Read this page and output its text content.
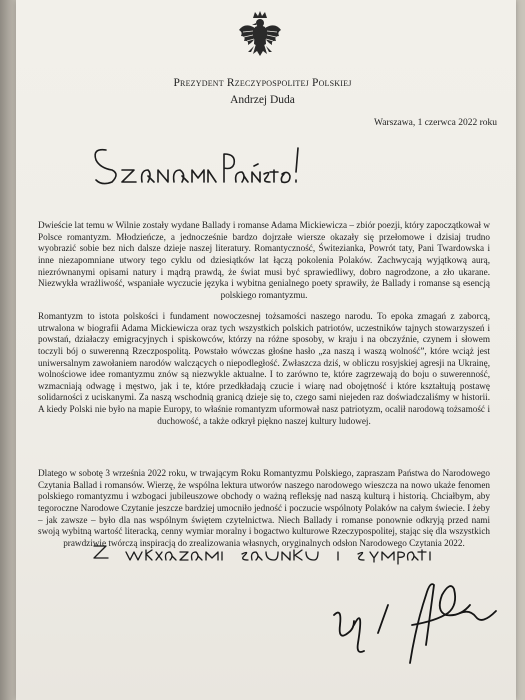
Prezydent Rzeczypospolitej Polskiej
Andrzej Duda
Warszawa, 1 czerwca 2022 roku

Dwieście lat temu w Wilnie zostały wydane Ballady i romanse Adama Mickiewicza – zbiór poezji, który zapoczątkował w Polsce romantyzm. Młodzieńcze, a jednocześnie bardzo dojrzałe wiersze okazały się przełomowe i dzisiaj trudno wyobrazić sobie bez nich dalsze dzieje naszej literatury. Romantyczność, Świtezianka, Powrót taty, Pani Twardowska i inne niezapomniane utwory tego cyklu od dziesiątków lat łączą pokolenia Polaków. Zachwycają wyjątkową aurą, niezrównanymi opisami natury i mądrą prawdą, że świat musi być sprawiedliwy, dobro nagrodzone, a zło ukarane. Niezwykła wrażliwość, wspaniałe wyczucie języka i wybitna genialnego poety sprawiły, że Ballady i romanse są esencją polskiego romantyzmu.

Romantyzm to istota polskości i fundament nowoczesnej tożsamości naszego narodu. To epoka zmagań z zaborcą, utrwalona w biografii Adama Mickiewicza oraz tych wszystkich polskich patriotów, uczestników tajnych stowarzyszeń i powstań, działaczy emigracyjnych i spiskowców, którzy na różne sposoby, w kraju i na obczyźnie, czynem i słowem toczyli bój o suwerenną Rzeczpospolitą. Powstało wówczas głośne hasło „za naszą i waszą wolność”, które wciąż jest uniwersalnym zawołaniem narodów walczących o niepodległość. Zwłaszcza dziś, w obliczu rosyjskiej agresji na Ukrainę, wolnościowe idee romantyzmu znów są niezwykle aktualne. I to zarówno te, które zagrzewają do boju o suwerenność, wzmacniają odwagę i męstwo, jak i te, które przedkładają czucie i wiarę nad obojętność i które kształtują postawę solidarności z uciskanymi. Za naszą wschodnią granicą dzieje się to, czego sami niejeden raz doświadczaliśmy w historii. A kiedy Polski nie było na mapie Europy, to właśnie romantyzm uformował nasz patriotyzm, ocalił narodową tożsamość i duchowość, a także odkrył piękno naszej kultury ludowej.

Dlatego w sobotę 3 września 2022 roku, w trwającym Roku Romantyzmu Polskiego, zapraszam Państwa do Narodowego Czytania Ballad i romansów. Wierzę, że wspólna lektura utworów naszego narodowego wieszcza na nowo ukaże fenomen polskiego romantyzmu i wzbogaci jubileuszowe obchody o ważną refleksję nad naszą kulturą i historią. Chciałbym, aby tegoroczne Narodowe Czytanie jeszcze bardziej umocniło jedność i poczucie wspólnoty Polaków na całym świecie. I żeby – jak zawsze – było dla nas wspólnym świętem czytelnictwa. Niech Ballady i romanse ponownie odkryją przed nami swoją wybitną wartość literacką, cenny wymiar moralny i bogactwo kulturowe Rzeczypospolitej, stając się dla wszystkich prawdziwie twórczą inspiracją do zrealizowania własnych, oryginalnych odsłon Narodowego Czytania 2022.
